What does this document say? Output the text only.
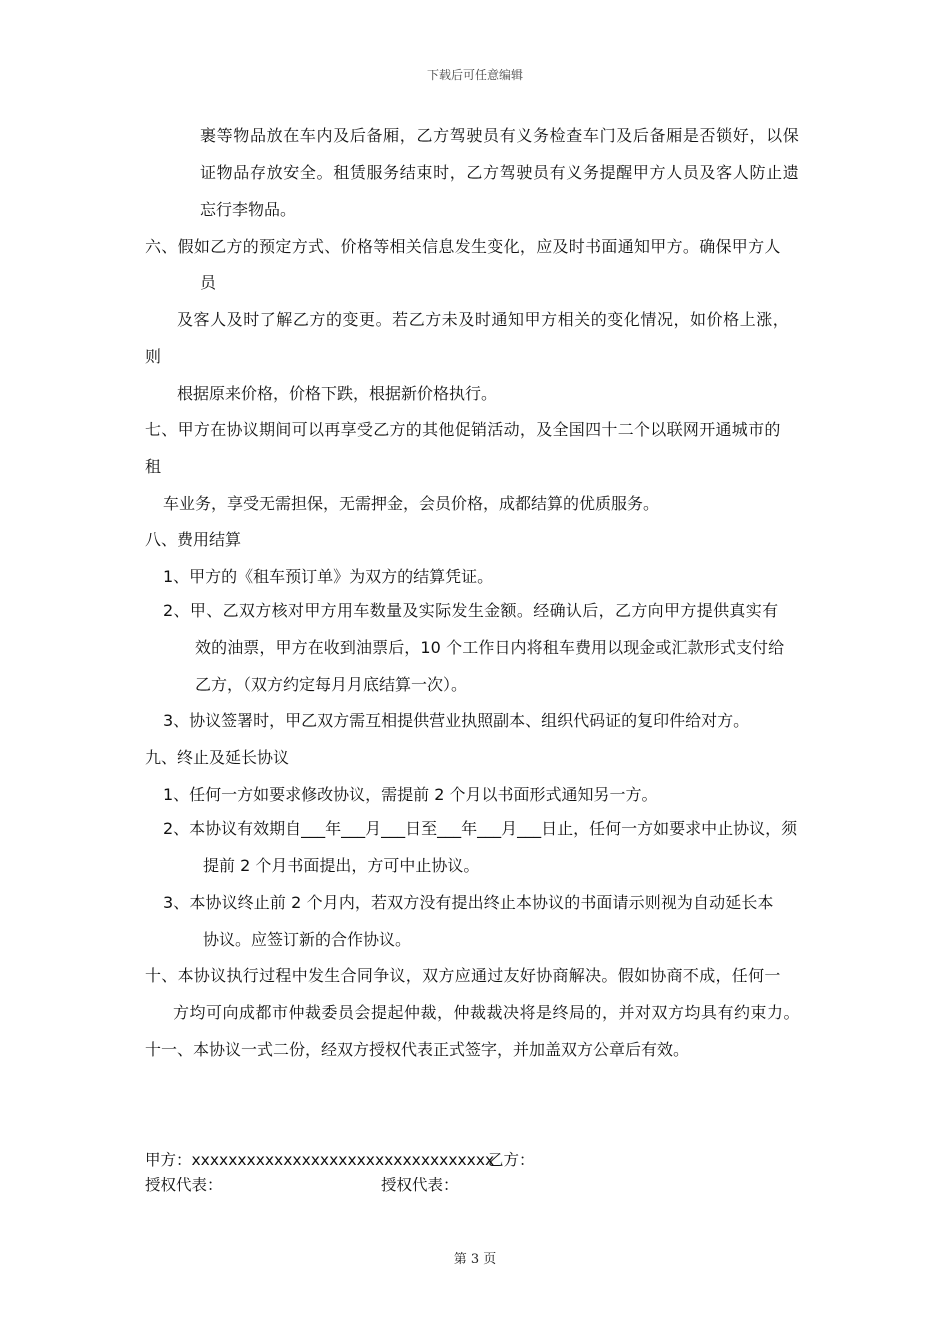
下载后可任意编辑
裹等物品放在车内及后备厢，乙方驾驶员有义务检查车门及后备厢是否锁好，以保
证物品存放安全。租赁服务结束时，乙方驾驶员有义务提醒甲方人员及客人防止遗
忘行李物品。
六、假如乙方的预定方式、价格等相关信息发生变化，应及时书面通知甲方。确保甲方人
员
及客人及时了解乙方的变更。若乙方未及时通知甲方相关的变化情况，如价格上涨，
则
根据原来价格，价格下跌，根据新价格执行。
七、甲方在协议期间可以再享受乙方的其他促销活动，及全国四十二个以联网开通城市的
租
车业务，享受无需担保，无需押金，会员价格，成都结算的优质服务。
八、费用结算
1、甲方的《租车预订单》为双方的结算凭证。
2、甲、乙双方核对甲方用车数量及实际发生金额。经确认后，乙方向甲方提供真实有
效的油票，甲方在收到油票后，10 个工作日内将租车费用以现金或汇款形式支付给
乙方，（双方约定每月月底结算一次）。
3、协议签署时，甲乙双方需互相提供营业执照副本、组织代码证的复印件给对方。
九、终止及延长协议
1、任何一方如要求修改协议，需提前 2 个月以书面形式通知另一方。
2、本协议有效期自___年___月___日至___年___月___日止，任何一方如要求中止协议，须
提前 2 个月书面提出，方可中止协议。
3、本协议终止前 2 个月内，若双方没有提出终止本协议的书面请示则视为自动延长本
协议。应签订新的合作协议。
十、本协议执行过程中发生合同争议，双方应通过友好协商解决。假如协商不成，任何一
方均可向成都市仲裁委员会提起仲裁，仲裁裁决将是终局的，并对双方均具有约束力。
十一、本协议一式二份，经双方授权代表正式签字，并加盖双方公章后有效。
甲方：xxxxxxxxxxxxxxxxxxxxxxxxxxxxxxxxx
乙方：
授权代表：	授权代表：
第 3 页
